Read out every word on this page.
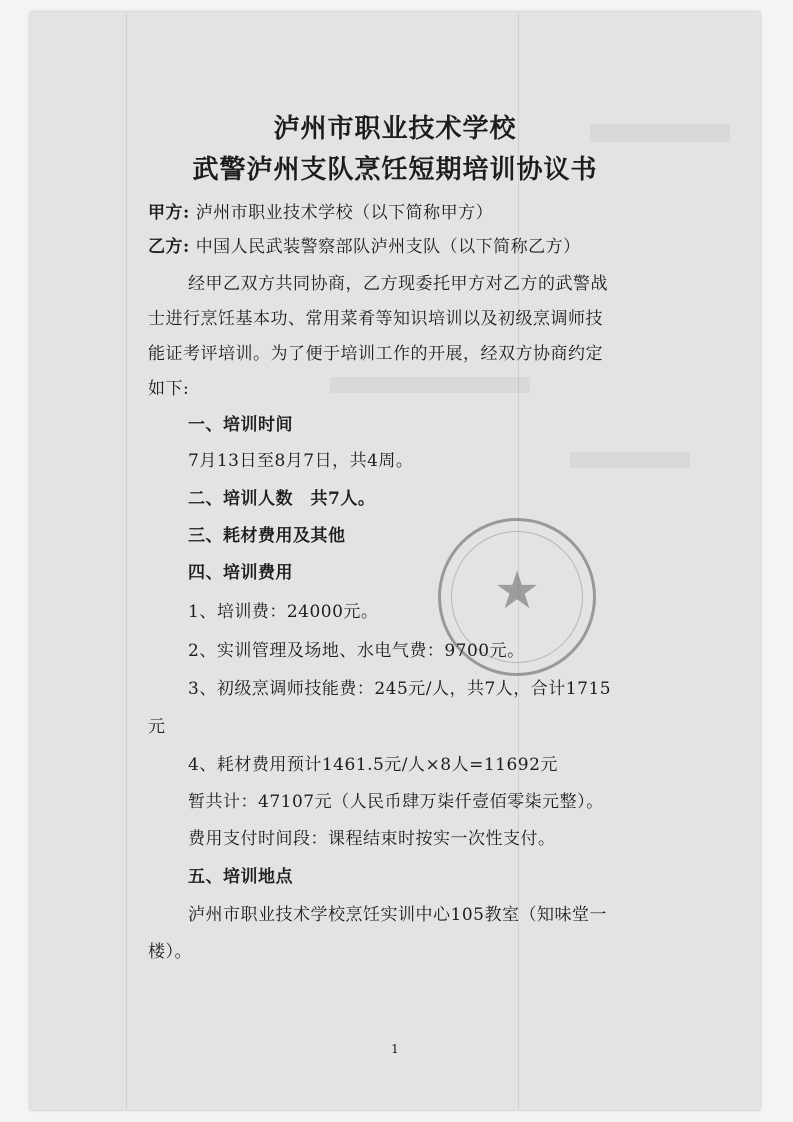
泸州市职业技术学校
武警泸州支队烹饪短期培训协议书
甲方: 泸州市职业技术学校（以下简称甲方）
乙方: 中国人民武装警察部队泸州支队（以下简称乙方）
经甲乙双方共同协商，乙方现委托甲方对乙方的武警战
士进行烹饪基本功、常用菜肴等知识培训以及初级烹调师技
能证考评培训。为了便于培训工作的开展，经双方协商约定
如下:
一、培训时间
7月13日至8月7日，共4周。
二、培训人数　共7人。
三、耗材费用及其他
四、培训费用
1、培训费：24000元。
2、实训管理及场地、水电气费：9700元。
3、初级烹调师技能费：245元/人，共7人，合计1715
元
4、耗材费用预计1461.5元/人×8人=11692元
暂共计：47107元（人民币肆万柒仟壹佰零柒元整）。
费用支付时间段：课程结束时按实一次性支付。
五、培训地点
泸州市职业技术学校烹饪实训中心105教室（知味堂一
楼）。
★
1
